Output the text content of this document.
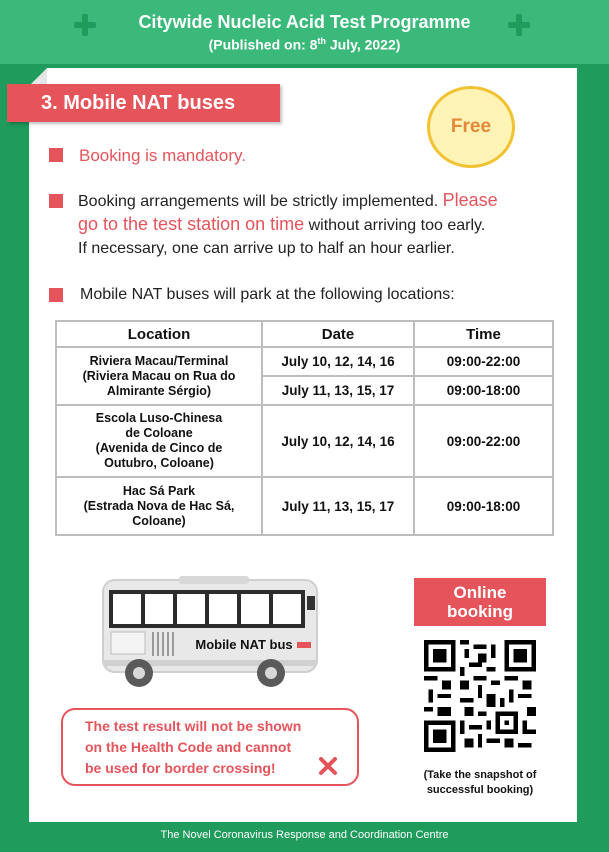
Citywide Nucleic Acid Test Programme
(Published on: 8th July, 2022)
3. Mobile NAT buses
Free
Booking is mandatory.
Booking arrangements will be strictly implemented. Please
go to the test station on time without arriving too early.
If necessary, one can arrive up to half an hour earlier.
Mobile NAT buses will park at the following locations:
Location	Date	Time
Riviera Macau/Terminal
(Riviera Macau on Rua do
Almirante Sérgio)	July 10, 12, 14, 16	09:00-22:00
	July 11, 13, 15, 17	09:00-18:00
Escola Luso-Chinesa
de Coloane
(Avenida de Cinco de
Outubro, Coloane)	July 10, 12, 14, 16	09:00-22:00
Hac Sá Park
(Estrada Nova de Hac Sá,
Coloane)	July 11, 13, 15, 17	09:00-18:00
Mobile NAT bus
The test result will not be shown
on the Health Code and cannot
be used for border crossing!
Online
booking
(Take the snapshot of
successful booking)
The Novel Coronavirus Response and Coordination Centre
